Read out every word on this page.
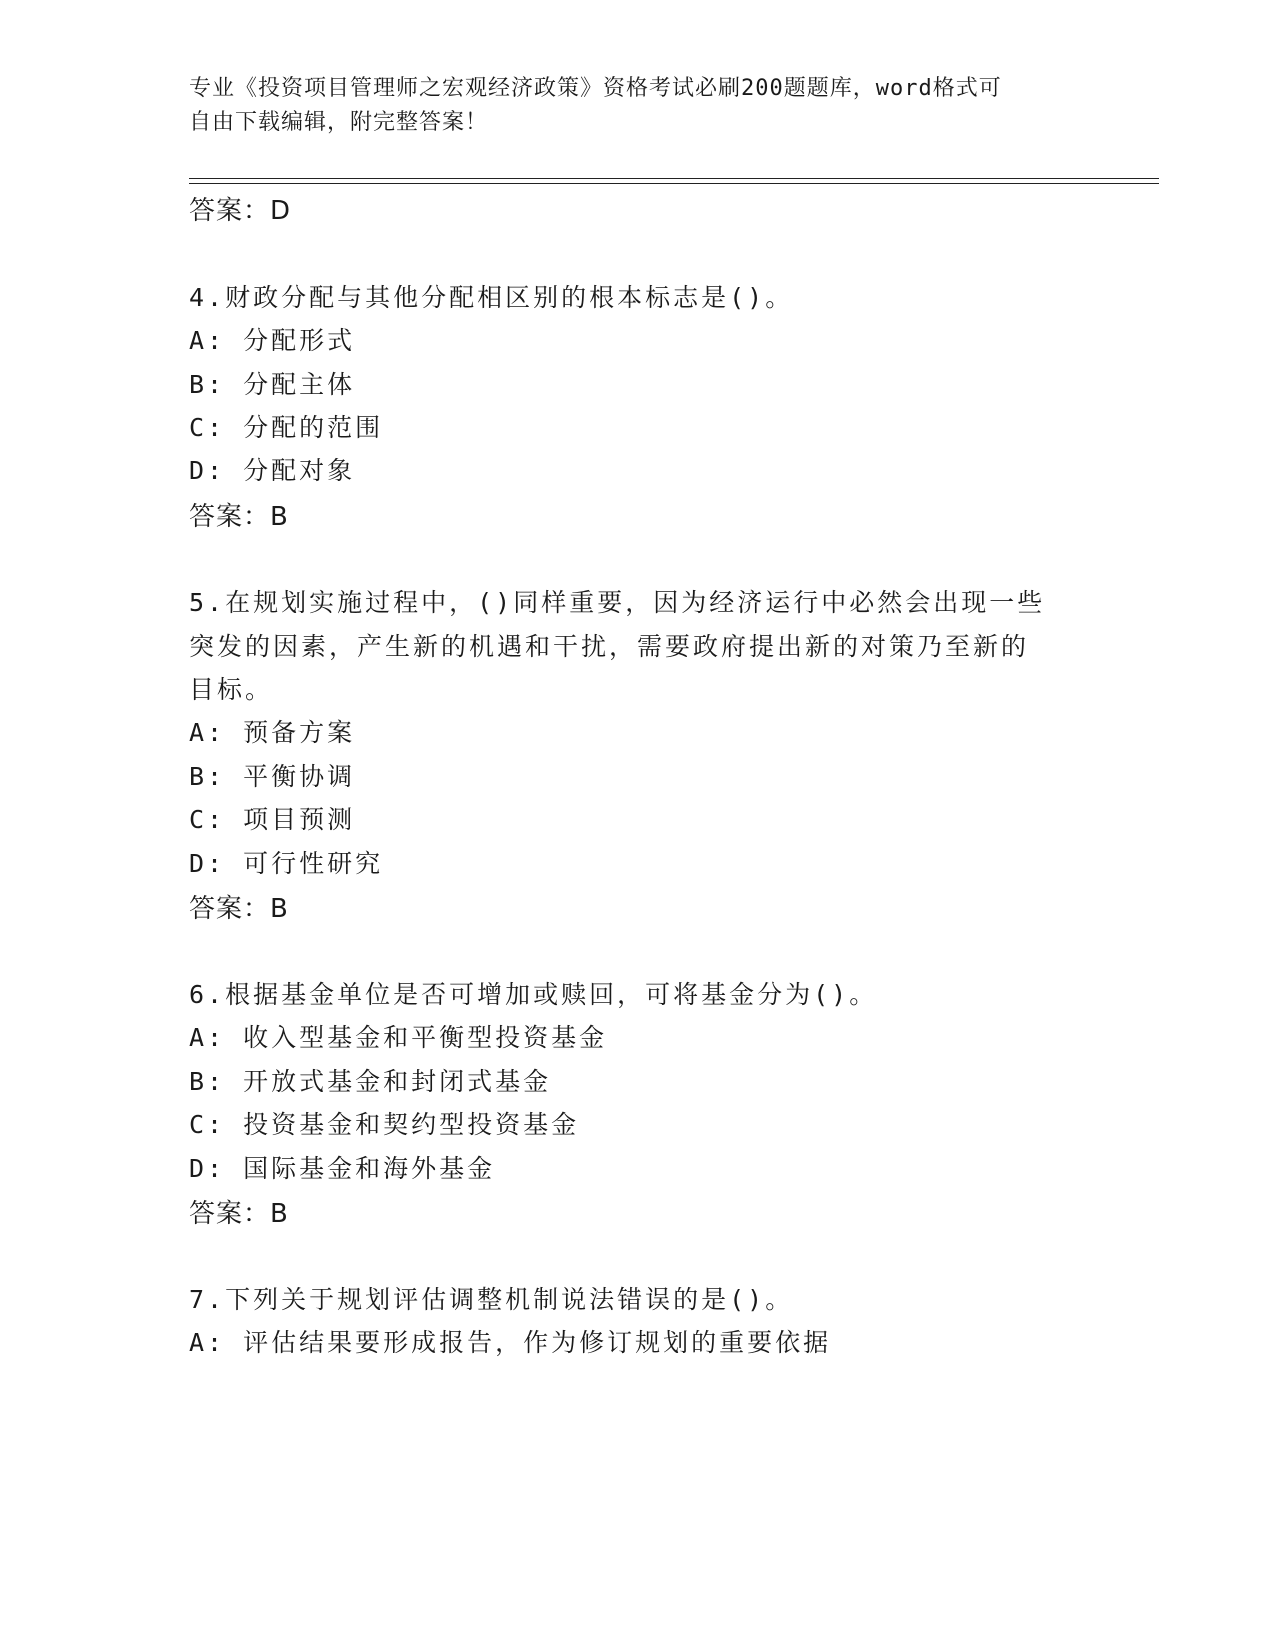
专业《投资项目管理师之宏观经济政策》资格考试必刷200题题库，word格式可
自由下载编辑，附完整答案！
答案：D
4.财政分配与其他分配相区别的根本标志是()。
A: 分配形式
B: 分配主体
C: 分配的范围
D: 分配对象
答案：B
5.在规划实施过程中，()同样重要，因为经济运行中必然会出现一些
突发的因素，产生新的机遇和干扰，需要政府提出新的对策乃至新的
目标。
A: 预备方案
B: 平衡协调
C: 项目预测
D: 可行性研究
答案：B
6.根据基金单位是否可增加或赎回，可将基金分为()。
A: 收入型基金和平衡型投资基金
B: 开放式基金和封闭式基金
C: 投资基金和契约型投资基金
D: 国际基金和海外基金
答案：B
7.下列关于规划评估调整机制说法错误的是()。
A: 评估结果要形成报告，作为修订规划的重要依据
